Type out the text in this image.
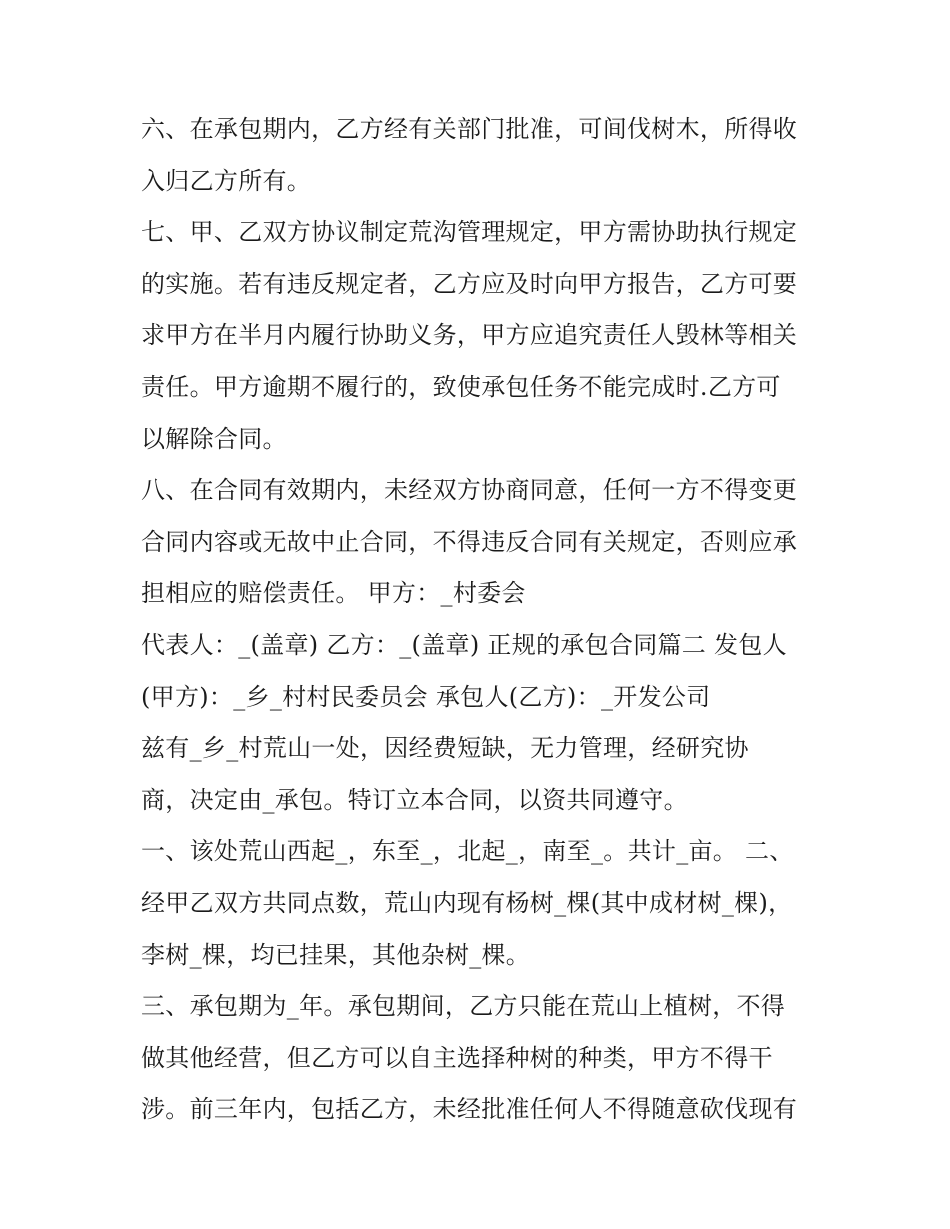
六、在承包期内，乙方经有关部门批准，可间伐树木，所得收
入归乙方所有。
七、甲、乙双方协议制定荒沟管理规定，甲方需协助执行规定
的实施。若有违反规定者，乙方应及时向甲方报告，乙方可要
求甲方在半月内履行协助义务，甲方应追究责任人毁林等相关
责任。甲方逾期不履行的，致使承包任务不能完成时.乙方可
以解除合同。
八、在合同有效期内，未经双方协商同意，任何一方不得变更
合同内容或无故中止合同，不得违反合同有关规定，否则应承
担相应的赔偿责任。 甲方：_村委会
代表人：_(盖章) 乙方：_(盖章) 正规的承包合同篇二 发包人
(甲方)：_乡_村村民委员会 承包人(乙方)：_开发公司
兹有_乡_村荒山一处，因经费短缺，无力管理，经研究协
商，决定由_承包。特订立本合同，以资共同遵守。
一、该处荒山西起_，东至_，北起_，南至_。共计_亩。 二、
经甲乙双方共同点数，荒山内现有杨树_棵(其中成材树_棵)，
李树_棵，均已挂果，其他杂树_棵。
三、承包期为_年。承包期间，乙方只能在荒山上植树，不得
做其他经营，但乙方可以自主选择种树的种类，甲方不得干
涉。前三年内，包括乙方，未经批准任何人不得随意砍伐现有
